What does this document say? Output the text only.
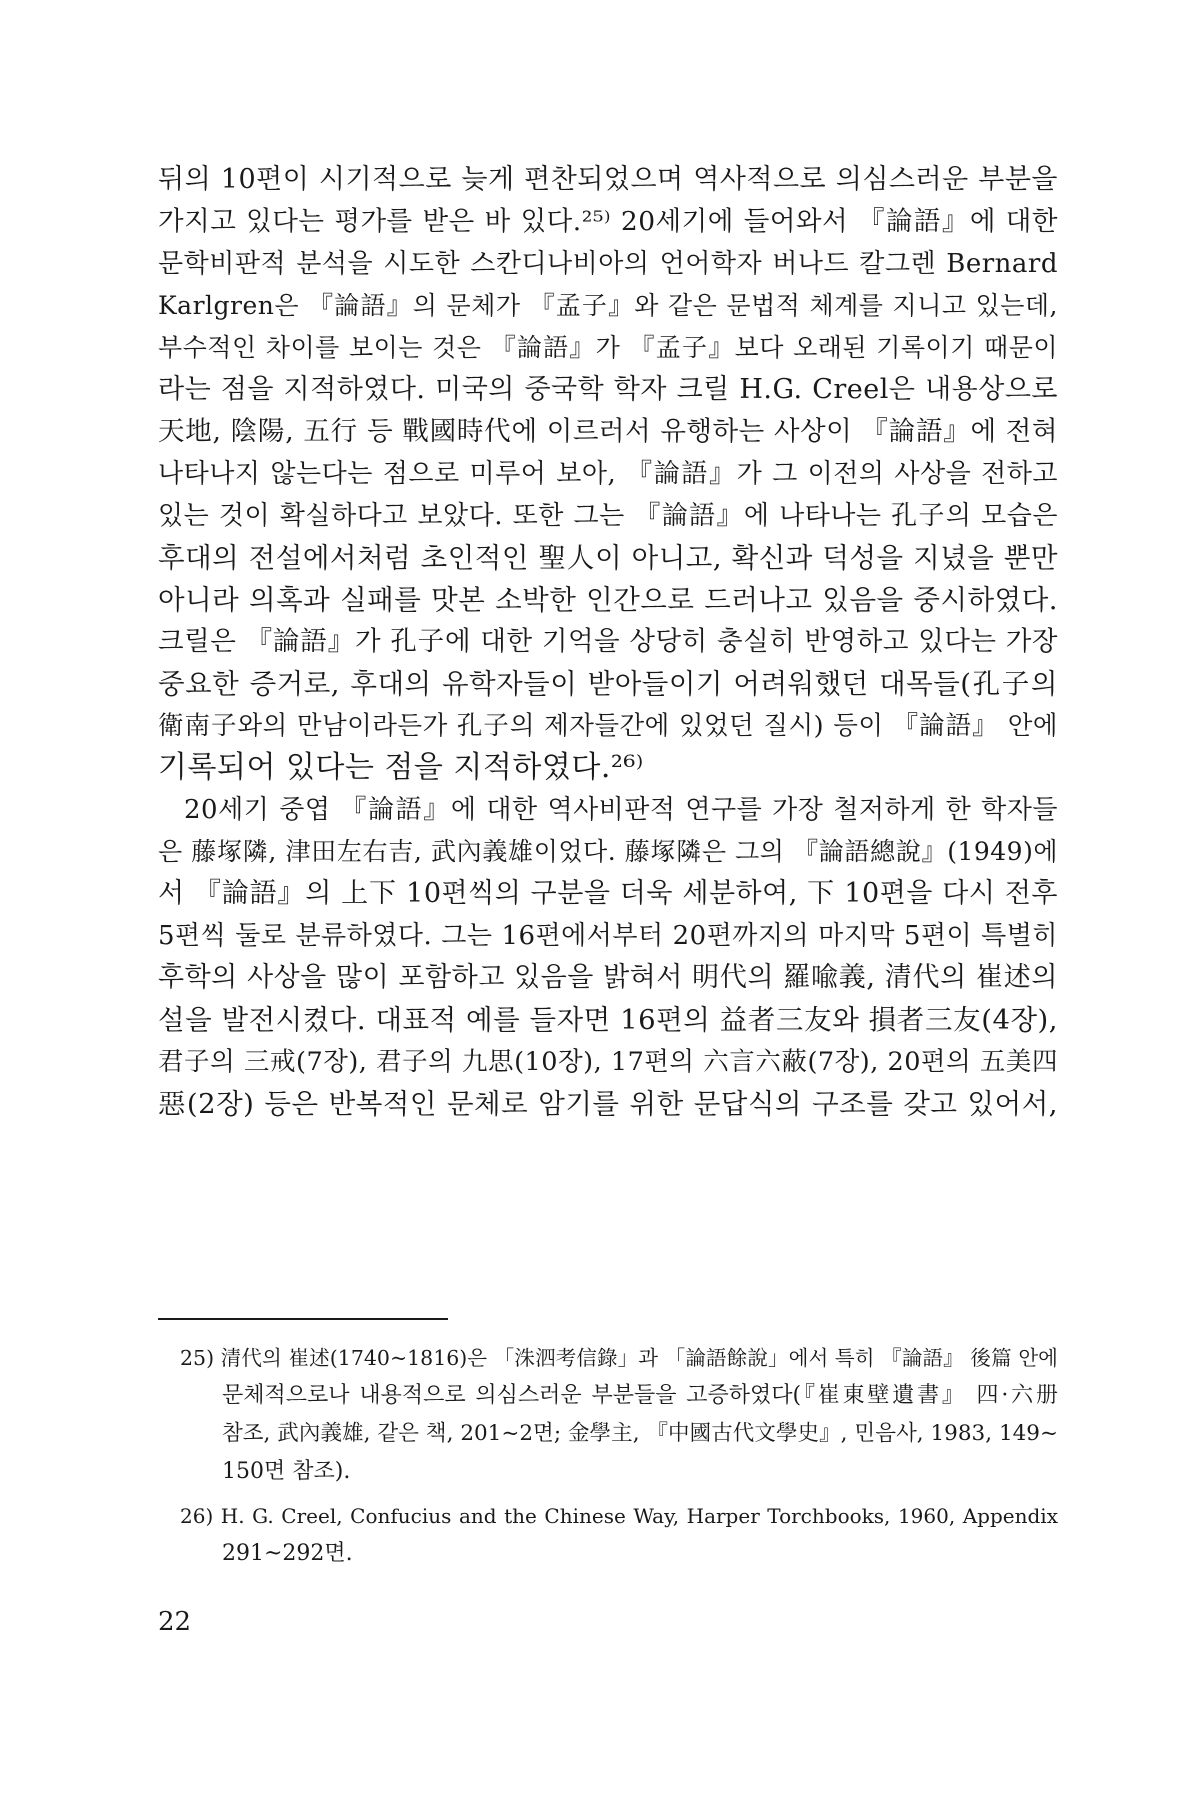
뒤의 10편이 시기적으로 늦게 편찬되었으며 역사적으로 의심스러운 부분을
가지고 있다는 평가를 받은 바 있다.²⁵⁾ 20세기에 들어와서 『論語』에 대한
문학비판적 분석을 시도한 스칸디나비아의 언어학자 버나드 칼그렌 Bernard
Karlgren은 『論語』의 문체가 『孟子』와 같은 문법적 체계를 지니고 있는데,
부수적인 차이를 보이는 것은 『論語』가 『孟子』보다 오래된 기록이기 때문이
라는 점을 지적하였다. 미국의 중국학 학자 크릴 H.G. Creel은 내용상으로
天地, 陰陽, 五行 등 戰國時代에 이르러서 유행하는 사상이 『論語』에 전혀
나타나지 않는다는 점으로 미루어 보아, 『論語』가 그 이전의 사상을 전하고
있는 것이 확실하다고 보았다. 또한 그는 『論語』에 나타나는 孔子의 모습은
후대의 전설에서처럼 초인적인 聖人이 아니고, 확신과 덕성을 지녔을 뿐만
아니라 의혹과 실패를 맛본 소박한 인간으로 드러나고 있음을 중시하였다.
크릴은 『論語』가 孔子에 대한 기억을 상당히 충실히 반영하고 있다는 가장
중요한 증거로, 후대의 유학자들이 받아들이기 어려워했던 대목들(孔子의
衛南子와의 만남이라든가 孔子의 제자들간에 있었던 질시) 등이 『論語』 안에
기록되어 있다는 점을 지적하였다.²⁶⁾
20세기 중엽 『論語』에 대한 역사비판적 연구를 가장 철저하게 한 학자들
은 藤塚隣, 津田左右吉, 武內義雄이었다. 藤塚隣은 그의 『論語總說』(1949)에
서 『論語』의 上下 10편씩의 구분을 더욱 세분하여, 下 10편을 다시 전후
5편씩 둘로 분류하였다. 그는 16편에서부터 20편까지의 마지막 5편이 특별히
후학의 사상을 많이 포함하고 있음을 밝혀서 明代의 羅喩義, 清代의 崔述의
설을 발전시켰다. 대표적 예를 들자면 16편의 益者三友와 損者三友(4장),
君子의 三戒(7장), 君子의 九思(10장), 17편의 六言六蔽(7장), 20편의 五美四
惡(2장) 등은 반복적인 문체로 암기를 위한 문답식의 구조를 갖고 있어서,
25) 清代의 崔述(1740~1816)은 「洙泗考信錄」과 「論語餘說」에서 특히 『論語』 後篇 안에
문체적으로나 내용적으로 의심스러운 부분들을 고증하였다(『崔東壁遺書』 四·六册
참조, 武內義雄, 같은 책, 201~2면; 金學主, 『中國古代文學史』, 민음사, 1983, 149~
150면 참조).
26) H. G. Creel, Confucius and the Chinese Way, Harper Torchbooks, 1960, Appendix
291~292면.
22
